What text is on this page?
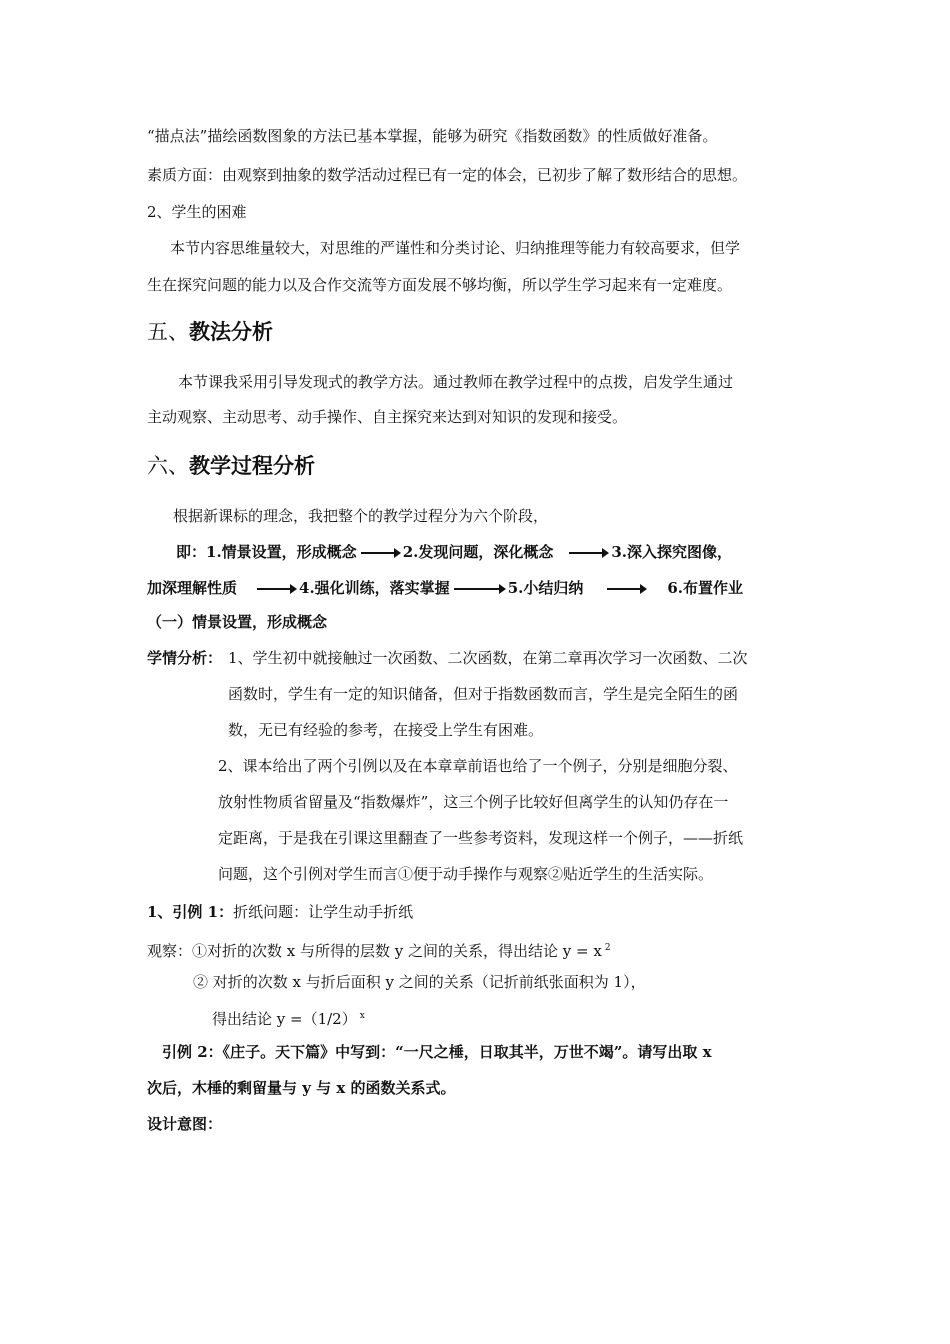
“描点法”描绘函数图象的方法已基本掌握，能够为研究《指数函数》的性质做好准备。
素质方面：由观察到抽象的数学活动过程已有一定的体会，已初步了解了数形结合的思想。
2、学生的困难
本节内容思维量较大，对思维的严谨性和分类讨论、归纳推理等能力有较高要求，但学
生在探究问题的能力以及合作交流等方面发展不够均衡，所以学生学习起来有一定难度。
五、教法分析
本节课我采用引导发现式的教学方法。通过教师在教学过程中的点拨，启发学生通过
主动观察、主动思考、动手操作、自主探究来达到对知识的发现和接受。
六、教学过程分析
根据新课标的理念，我把整个的教学过程分为六个阶段，
即：1.情景设置，形成概念	2.发现问题，深化概念	3.深入探究图像，
加深理解性质	4.强化训练，落实掌握	5.小结归纳	6.布置作业
（一）情景设置，形成概念
学情分析： 1、学生初中就接触过一次函数、二次函数，在第二章再次学习一次函数、二次
函数时，学生有一定的知识储备，但对于指数函数而言，学生是完全陌生的函
数，无已有经验的参考，在接受上学生有困难。
2、课本给出了两个引例以及在本章章前语也给了一个例子，分别是细胞分裂、
放射性物质省留量及“指数爆炸”，这三个例子比较好但离学生的认知仍存在一
定距离，于是我在引课这里翻查了一些参考资料，发现这样一个例子，——折纸
问题，这个引例对学生而言①便于动手操作与观察②贴近学生的生活实际。
1、引例 1：折纸问题：让学生动手折纸
观察：①对折的次数 x 与所得的层数 y 之间的关系，得出结论 y = x $^2$
② 对折的次数 x 与折后面积 y 之间的关系（记折前纸张面积为 1），
得出结论 y =（1/2） $^x$
引例 2：《庄子。天下篇》中写到：“一尺之棰，日取其半，万世不竭”。请写出取 x
次后，木棰的剩留量与 y 与 x 的函数关系式。
设计意图：
